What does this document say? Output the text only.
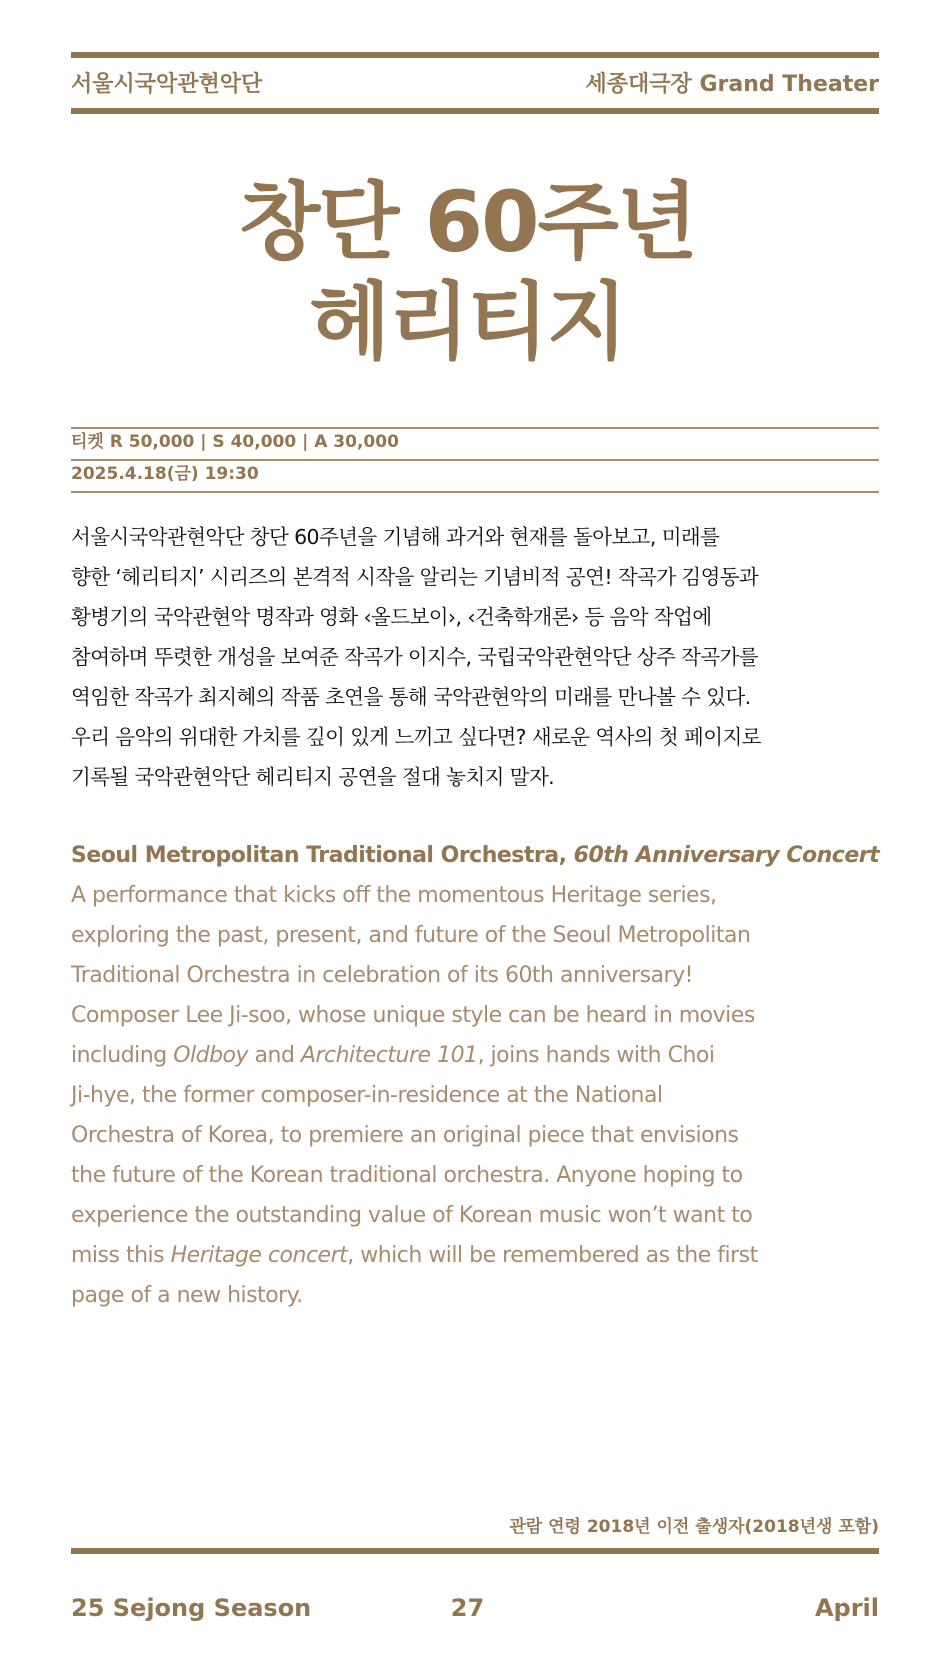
서울시국악관현악단	세종대극장 Grand Theater
창단 60주년
헤리티지
티켓 R 50,000 | S 40,000 | A 30,000
2025.4.18(금) 19:30
서울시국악관현악단 창단 60주년을 기념해 과거와 현재를 돌아보고, 미래를
향한 ‘헤리티지’ 시리즈의 본격적 시작을 알리는 기념비적 공연! 작곡가 김영동과
황병기의 국악관현악 명작과 영화 ‹올드보이›, ‹건축학개론› 등 음악 작업에
참여하며 뚜렷한 개성을 보여준 작곡가 이지수, 국립국악관현악단 상주 작곡가를
역임한 작곡가 최지혜의 작품 초연을 통해 국악관현악의 미래를 만나볼 수 있다.
우리 음악의 위대한 가치를 깊이 있게 느끼고 싶다면? 새로운 역사의 첫 페이지로
기록될 국악관현악단 헤리티지 공연을 절대 놓치지 말자.
Seoul Metropolitan Traditional Orchestra, 60th Anniversary Concert
A performance that kicks off the momentous Heritage series,
exploring the past, present, and future of the Seoul Metropolitan
Traditional Orchestra in celebration of its 60th anniversary!
Composer Lee Ji-soo, whose unique style can be heard in movies
including Oldboy and Architecture 101, joins hands with Choi
Ji-hye, the former composer-in-residence at the National
Orchestra of Korea, to premiere an original piece that envisions
the future of the Korean traditional orchestra. Anyone hoping to
experience the outstanding value of Korean music won’t want to
miss this Heritage concert, which will be remembered as the first
page of a new history.
관람 연령 2018년 이전 출생자(2018년생 포함)
25 Sejong Season	27	April
